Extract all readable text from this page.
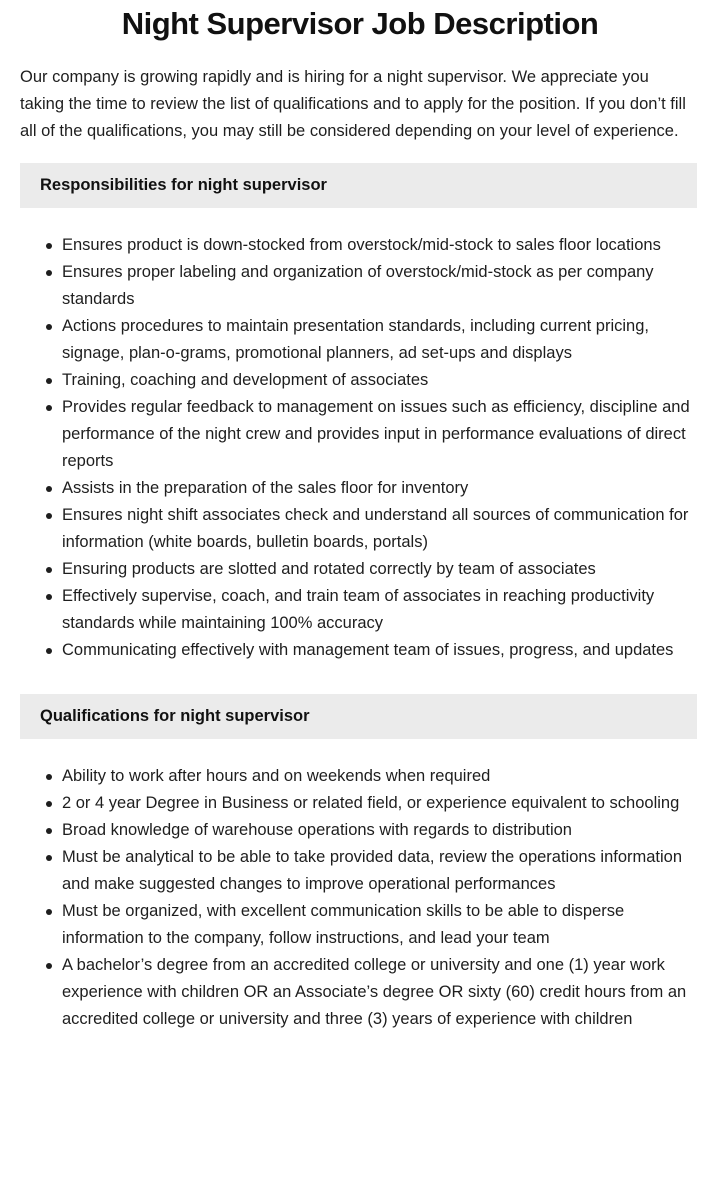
Night Supervisor Job Description

Our company is growing rapidly and is hiring for a night supervisor. We appreciate you taking the time to review the list of qualifications and to apply for the position. If you don’t fill all of the qualifications, you may still be considered depending on your level of experience.

Responsibilities for night supervisor
Ensures product is down-stocked from overstock/mid-stock to sales floor locations
Ensures proper labeling and organization of overstock/mid-stock as per company standards
Actions procedures to maintain presentation standards, including current pricing, signage, plan-o-grams, promotional planners, ad set-ups and displays
Training, coaching and development of associates
Provides regular feedback to management on issues such as efficiency, discipline and performance of the night crew and provides input in performance evaluations of direct reports
Assists in the preparation of the sales floor for inventory
Ensures night shift associates check and understand all sources of communication for information (white boards, bulletin boards, portals)
Ensuring products are slotted and rotated correctly by team of associates
Effectively supervise, coach, and train team of associates in reaching productivity standards while maintaining 100% accuracy
Communicating effectively with management team of issues, progress, and updates
Qualifications for night supervisor
Ability to work after hours and on weekends when required
2 or 4 year Degree in Business or related field, or experience equivalent to schooling
Broad knowledge of warehouse operations with regards to distribution
Must be analytical to be able to take provided data, review the operations information and make suggested changes to improve operational performances
Must be organized, with excellent communication skills to be able to disperse information to the company, follow instructions, and lead your team
A bachelor’s degree from an accredited college or university and one (1) year work experience with children OR an Associate’s degree OR sixty (60) credit hours from an accredited college or university and three (3) years of experience with children
